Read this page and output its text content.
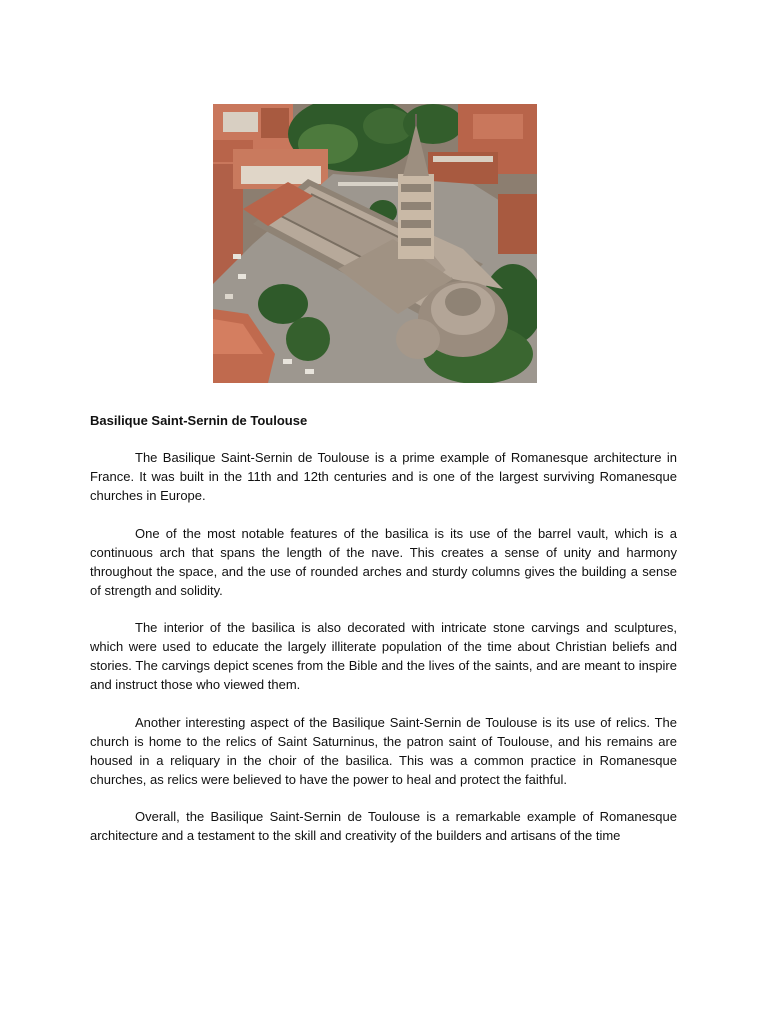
Basilique Saint-Sernin de Toulouse

The Basilique Saint-Sernin de Toulouse is a prime example of Romanesque architecture in France. It was built in the 11th and 12th centuries and is one of the largest surviving Romanesque churches in Europe.

One of the most notable features of the basilica is its use of the barrel vault, which is a continuous arch that spans the length of the nave. This creates a sense of unity and harmony throughout the space, and the use of rounded arches and sturdy columns gives the building a sense of strength and solidity.

The interior of the basilica is also decorated with intricate stone carvings and sculptures, which were used to educate the largely illiterate population of the time about Christian beliefs and stories. The carvings depict scenes from the Bible and the lives of the saints, and are meant to inspire and instruct those who viewed them.

Another interesting aspect of the Basilique Saint-Sernin de Toulouse is its use of relics. The church is home to the relics of Saint Saturninus, the patron saint of Toulouse, and his remains are housed in a reliquary in the choir of the basilica. This was a common practice in Romanesque churches, as relics were believed to have the power to heal and protect the faithful.

Overall, the Basilique Saint-Sernin de Toulouse is a remarkable example of Romanesque architecture and a testament to the skill and creativity of the builders and artisans of the time
